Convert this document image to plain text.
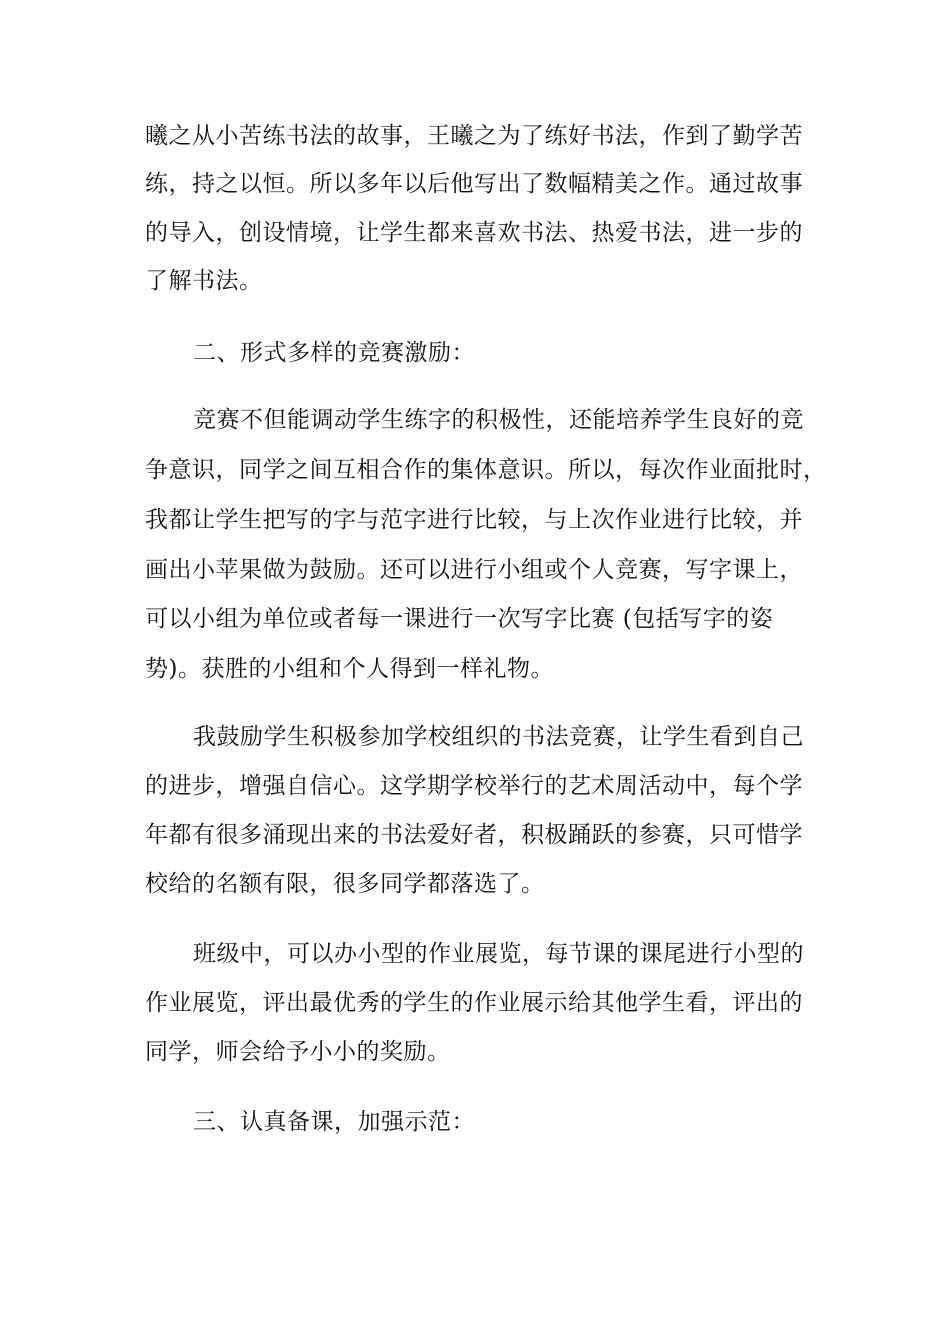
曦之从小苦练书法的故事，王曦之为了练好书法，作到了勤学苦
练，持之以恒。所以多年以后他写出了数幅精美之作。通过故事
的导入，创设情境，让学生都来喜欢书法、热爱书法，进一步的
了解书法。
二、形式多样的竞赛激励：
竞赛不但能调动学生练字的积极性，还能培养学生良好的竞
争意识，同学之间互相合作的集体意识。所以，每次作业面批时，
我都让学生把写的字与范字进行比较，与上次作业进行比较，并
画出小苹果做为鼓励。还可以进行小组或个人竞赛，写字课上，
可以小组为单位或者每一课进行一次写字比赛 (包括写字的姿
势)。获胜的小组和个人得到一样礼物。
我鼓励学生积极参加学校组织的书法竞赛，让学生看到自己
的进步，增强自信心。这学期学校举行的艺术周活动中，每个学
年都有很多涌现出来的书法爱好者，积极踊跃的参赛，只可惜学
校给的名额有限，很多同学都落选了。
班级中，可以办小型的作业展览，每节课的课尾进行小型的
作业展览，评出最优秀的学生的作业展示给其他学生看，评出的
同学，师会给予小小的奖励。
三、认真备课，加强示范：
